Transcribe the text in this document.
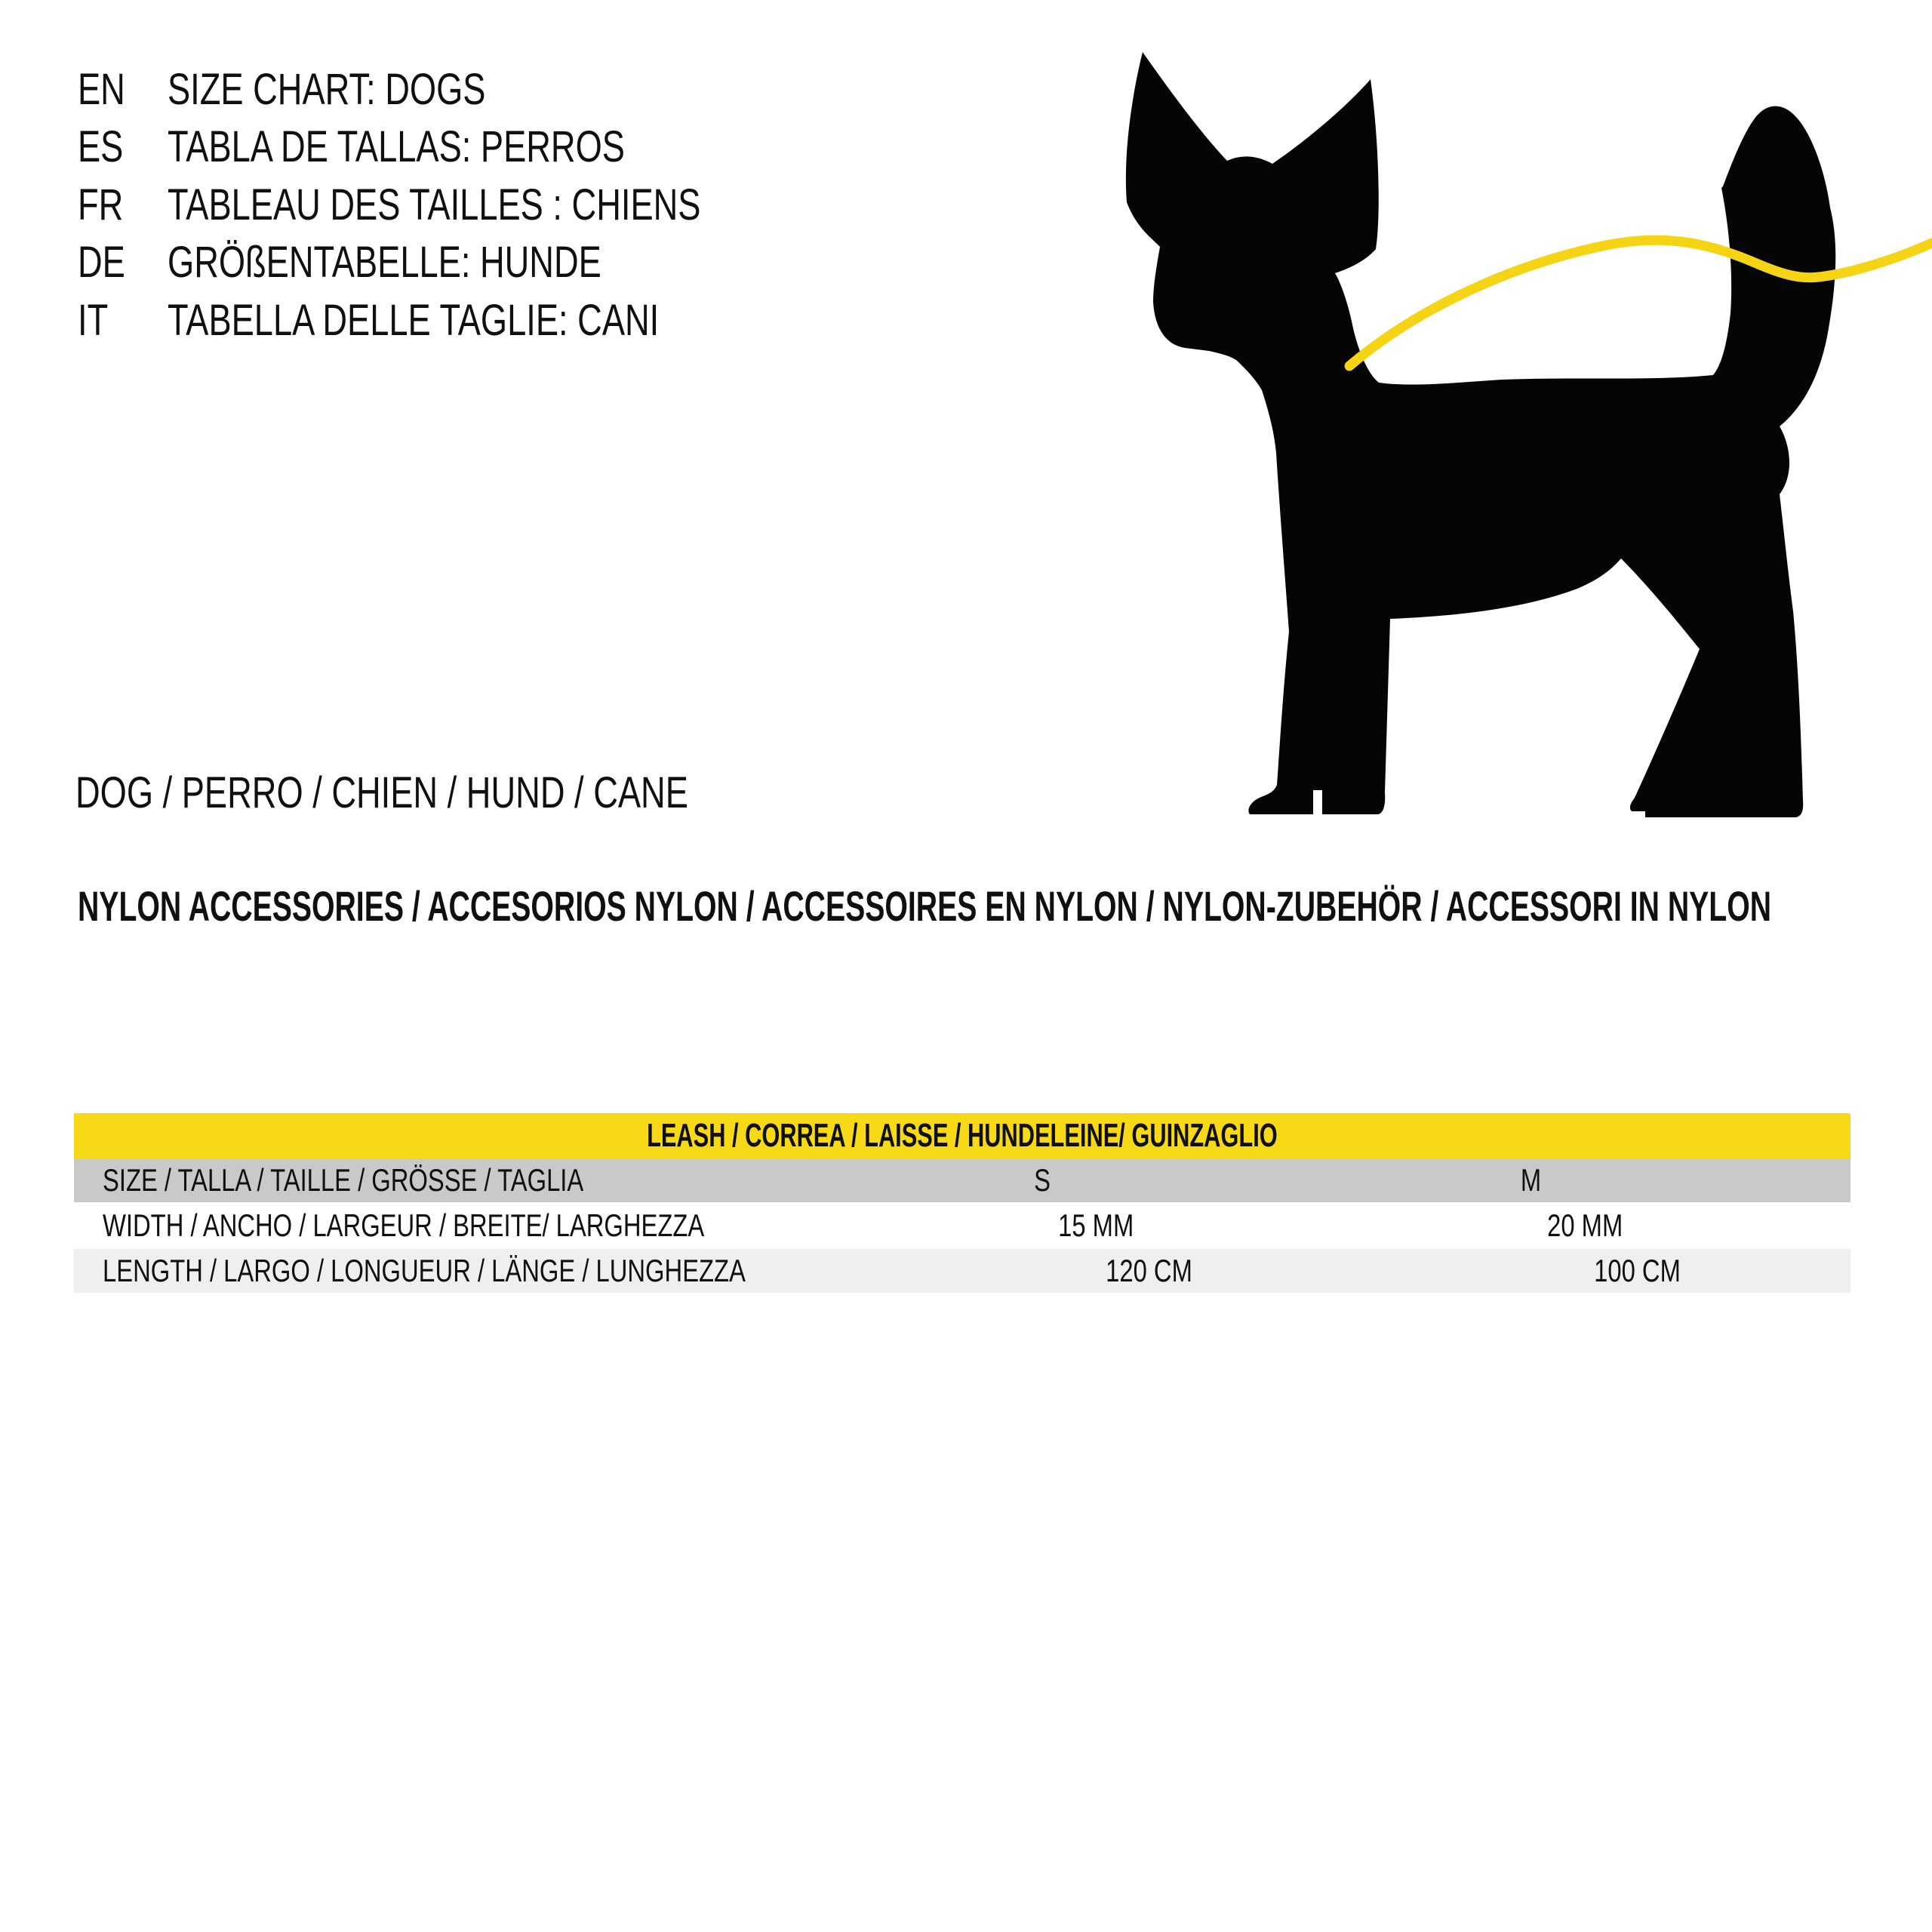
EN SIZE CHART: DOGS
ES	TABLA DE TALLAS: PERROS
FR	TABLEAU DES TAILLES : CHIENS
DE GRÖßENTABELLE: HUNDE
IT	TABELLA DELLE TAGLIE: CANI
DOG / PERRO / CHIEN / HUND / CANE
NYLON ACCESSORIES / ACCESORIOS NYLON / ACCESSOIRES EN NYLON / NYLON-ZUBEHÖR / ACCESSORI IN NYLON
LEASH / CORREA / LAISSE / HUNDELEINE/ GUINZAGLIO
SIZE / TALLA / TAILLE / GRÖSSE / TAGLIA	S	M
WIDTH / ANCHO / LARGEUR / BREITE/ LARGHEZZA	15 MM	20 MM
LENGTH / LARGO / LONGUEUR / LÄNGE / LUNGHEZZA	120 CM	100 CM
